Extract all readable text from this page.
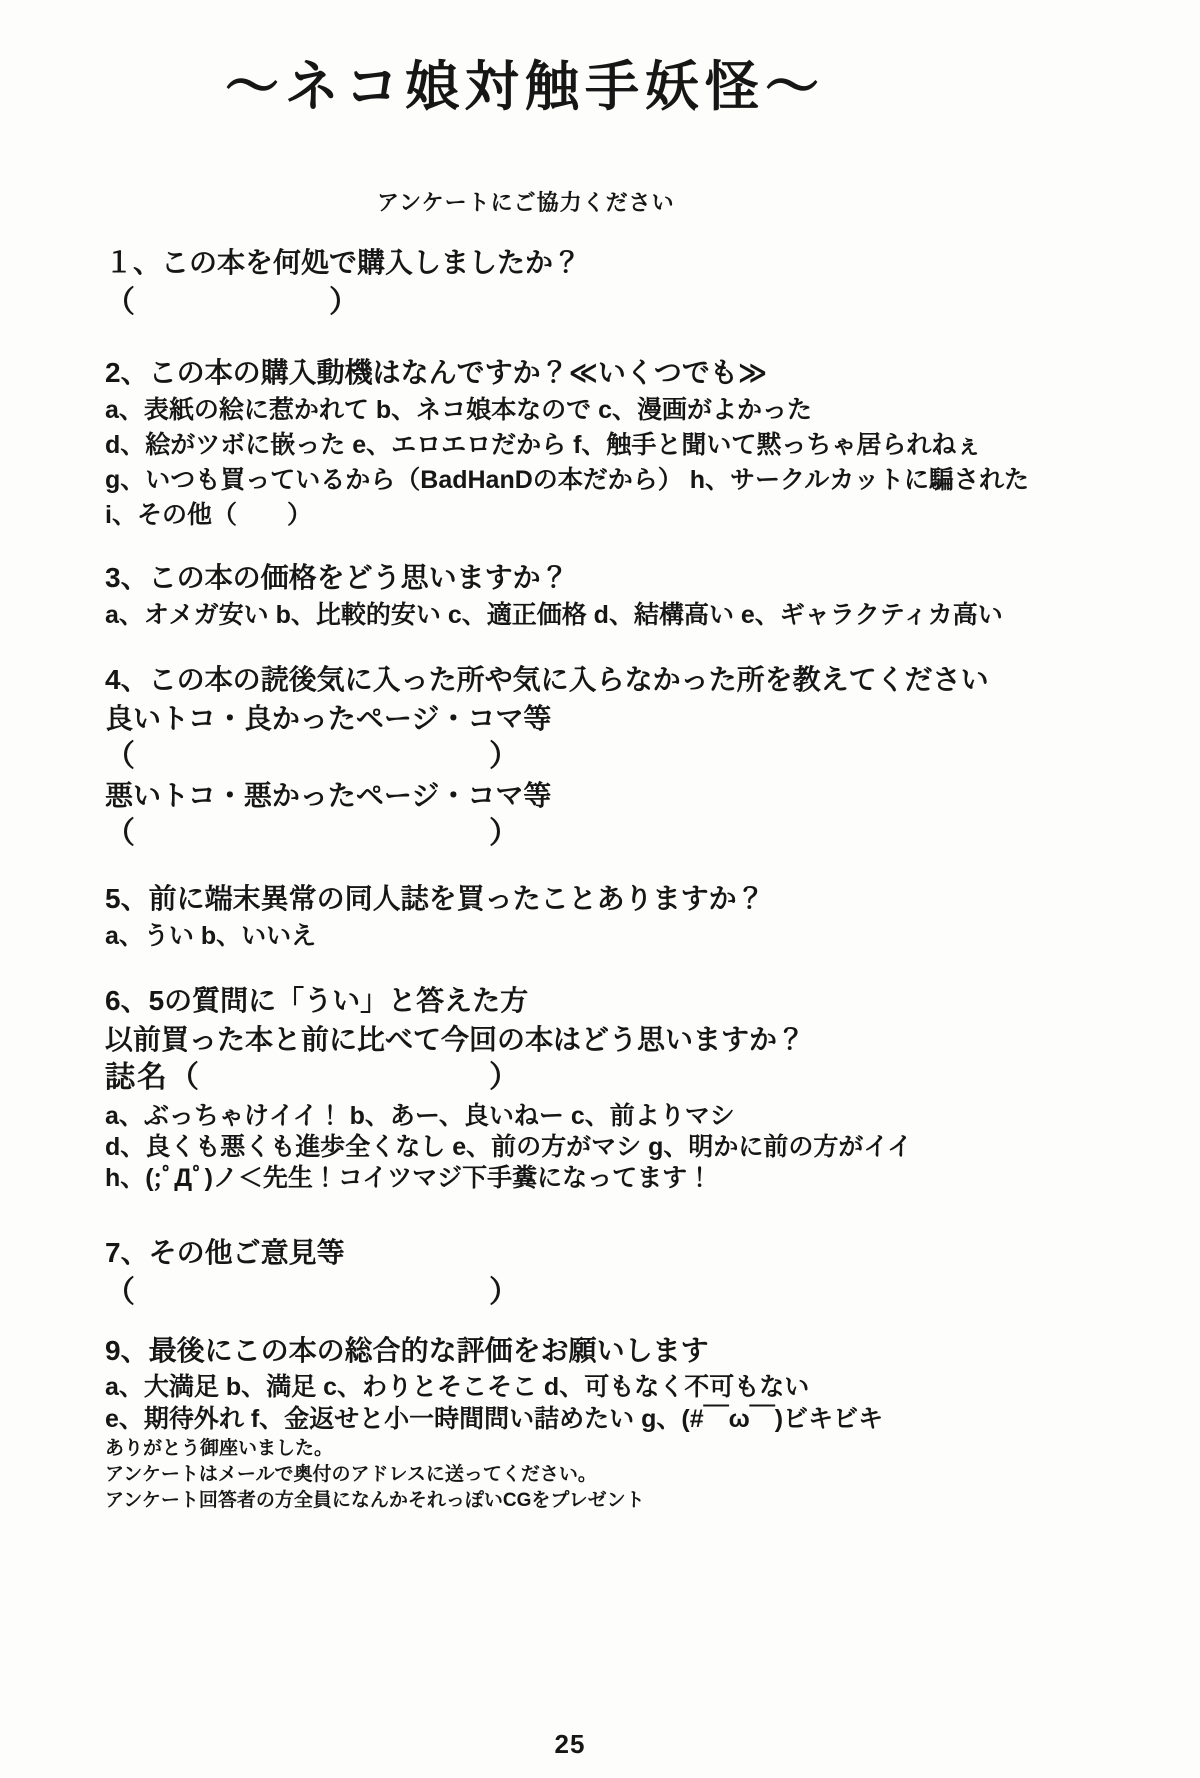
～ネコ娘対触手妖怪～
アンケートにご協力ください
１、この本を何処で購入しましたか？
（　　　　　　）
2、この本の購入動機はなんですか？≪いくつでも≫
a、表紙の絵に惹かれて b、ネコ娘本なので c、漫画がよかった
d、絵がツボに嵌った e、エロエロだから f、触手と聞いて黙っちゃ居られねぇ
g、いつも買っているから（BadHanDの本だから） h、サークルカットに騙された
i、その他（　　）
3、この本の価格をどう思いますか？
a、オメガ安い b、比較的安い c、適正価格 d、結構高い e、ギャラクティカ高い
4、この本の読後気に入った所や気に入らなかった所を教えてください
良いトコ・良かったページ・コマ等
（　　　　　　　　　　　）
悪いトコ・悪かったページ・コマ等
（　　　　　　　　　　　）
5、前に端末異常の同人誌を買ったことありますか？
a、うい b、いいえ
6、5の質問に「うい」と答えた方
以前買った本と前に比べて今回の本はどう思いますか？
誌名（　　　　　　　　　）
a、ぶっちゃけイイ！ b、あー、良いねー c、前よりマシ
d、良くも悪くも進歩全くなし e、前の方がマシ g、明かに前の方がイイ
h、(;ﾟДﾟ)ノ＜先生！コイツマジ下手糞になってます！
7、その他ご意見等
（　　　　　　　　　　　）
9、最後にこの本の総合的な評価をお願いします
a、大満足 b、満足 c、わりとそこそこ d、可もなく不可もない
e、期待外れ f、金返せと小一時間問い詰めたい g、(#￣ω￣)ビキビキ
ありがとう御座いました。
アンケートはメールで奥付のアドレスに送ってください。
アンケート回答者の方全員になんかそれっぽいCGをプレゼント
25
